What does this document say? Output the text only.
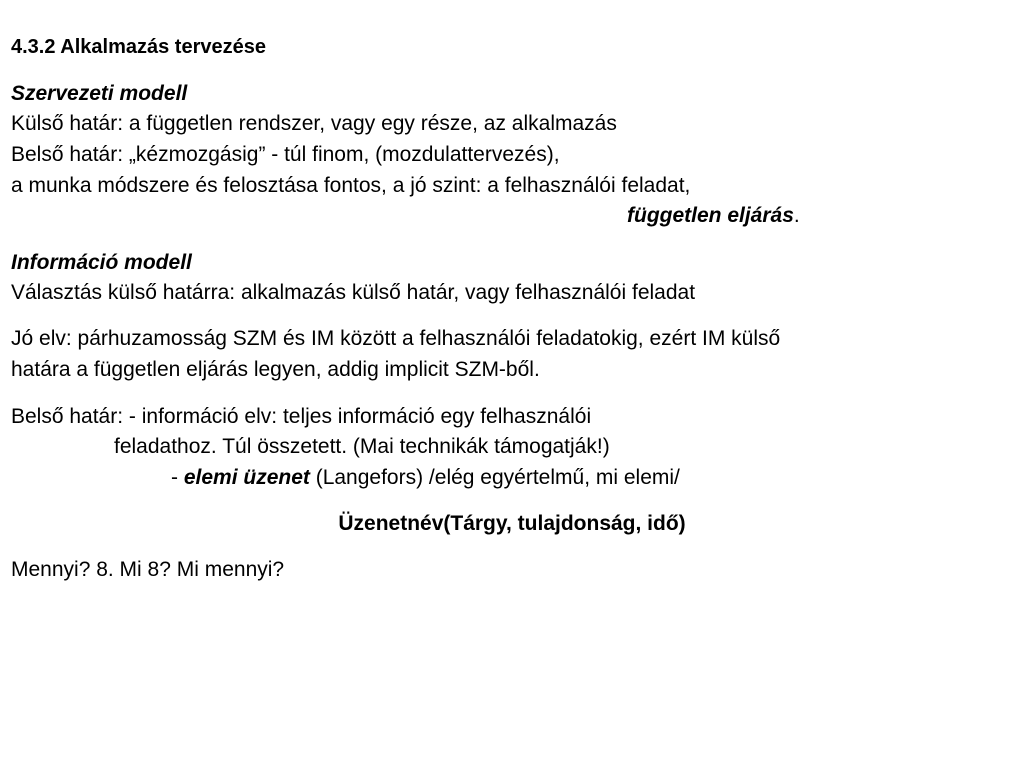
4.3.2 Alkalmazás tervezése
Szervezeti modell
Külső határ: a független rendszer, vagy egy része, az alkalmazás
Belső határ: „kézmozgásig” - túl finom, (mozdulattervezés),
a munka módszere és felosztása fontos, a jó szint: a felhasználói feladat,
független eljárás.
Információ modell
Választás külső határra: alkalmazás külső határ, vagy felhasználói feladat
Jó elv: párhuzamosság SZM és IM között a felhasználói feladatokig, ezért IM külső
határa a független eljárás legyen, addig implicit SZM-ből.
Belső határ: - információ elv: teljes információ egy felhasználói
feladathoz. Túl összetett. (Mai technikák támogatják!)
- elemi üzenet (Langefors) /elég egyértelmű, mi elemi/
Üzenetnév(Tárgy, tulajdonság, idő)
Mennyi? 8. Mi 8? Mi mennyi?
